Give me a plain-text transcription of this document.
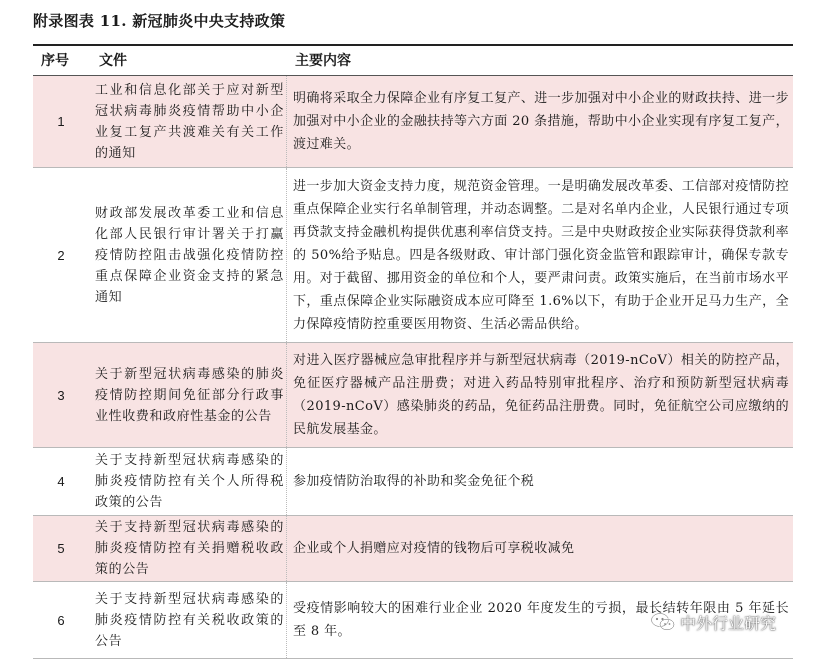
附录图表 11. 新冠肺炎中央支持政策
序号 文件	主要内容
1
工业和信息化部关于应对新型冠状病毒肺炎疫情帮助中小企业复工复产共渡难关有关工作的通知
明确将采取全力保障企业有序复工复产、进一步加强对中小企业的财政扶持、进一步加强对中小企业的金融扶持等六方面 20 条措施，帮助中小企业实现有序复工复产，渡过难关。
2
财政部发展改革委工业和信息化部人民银行审计署关于打赢疫情防控阻击战强化疫情防控重点保障企业资金支持的紧急通知
进一步加大资金支持力度，规范资金管理。一是明确发展改革委、工信部对疫情防控重点保障企业实行名单制管理，并动态调整。二是对名单内企业，人民银行通过专项再贷款支持金融机构提供优惠利率信贷支持。三是中央财政按企业实际获得贷款利率的 50%给予贴息。四是各级财政、审计部门强化资金监管和跟踪审计，确保专款专用。对于截留、挪用资金的单位和个人，要严肃问责。政策实施后，在当前市场水平下，重点保障企业实际融资成本应可降至 1.6%以下，有助于企业开足马力生产，全力保障疫情防控重要医用物资、生活必需品供给。
3
关于新型冠状病毒感染的肺炎疫情防控期间免征部分行政事业性收费和政府性基金的公告
对进入医疗器械应急审批程序并与新型冠状病毒（2019-nCoV）相关的防控产品，免征医疗器械产品注册费；对进入药品特别审批程序、治疗和预防新型冠状病毒（2019-nCoV）感染肺炎的药品，免征药品注册费。同时，免征航空公司应缴纳的民航发展基金。
4
关于支持新型冠状病毒感染的肺炎疫情防控有关个人所得税政策的公告
参加疫情防治取得的补助和奖金免征个税
5
关于支持新型冠状病毒感染的肺炎疫情防控有关捐赠税收政策的公告
企业或个人捐赠应对疫情的钱物后可享税收减免
6
关于支持新型冠状病毒感染的肺炎疫情防控有关税收政策的公告
受疫情影响较大的困难行业企业 2020 年度发生的亏损，最长结转年限由 5 年延长至 8 年。	中外行业研究
